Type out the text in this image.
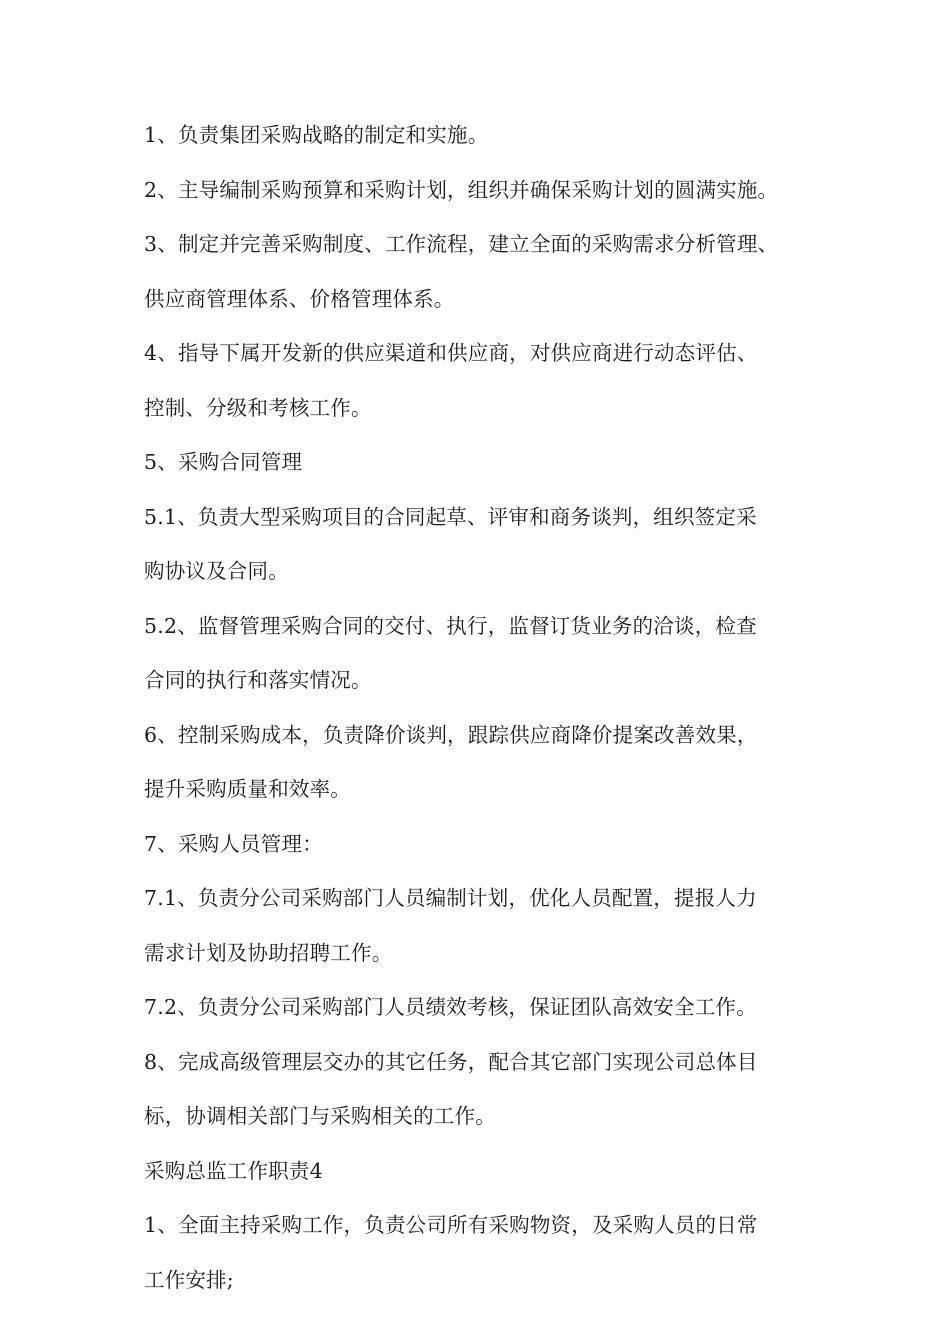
1、负责集团采购战略的制定和实施。
2、主导编制采购预算和采购计划，组织并确保采购计划的圆满实施。
3、制定并完善采购制度、工作流程，建立全面的采购需求分析管理、
供应商管理体系、价格管理体系。
4、指导下属开发新的供应渠道和供应商，对供应商进行动态评估、
控制、分级和考核工作。
5、采购合同管理
5.1、负责大型采购项目的合同起草、评审和商务谈判，组织签定采
购协议及合同。
5.2、监督管理采购合同的交付、执行，监督订货业务的洽谈，检查
合同的执行和落实情况。
6、控制采购成本，负责降价谈判，跟踪供应商降价提案改善效果，
提升采购质量和效率。
7、采购人员管理：
7.1、负责分公司采购部门人员编制计划，优化人员配置，提报人力
需求计划及协助招聘工作。
7.2、负责分公司采购部门人员绩效考核，保证团队高效安全工作。
8、完成高级管理层交办的其它任务，配合其它部门实现公司总体目
标，协调相关部门与采购相关的工作。
采购总监工作职责4
1、全面主持采购工作，负责公司所有采购物资，及采购人员的日常
工作安排;
